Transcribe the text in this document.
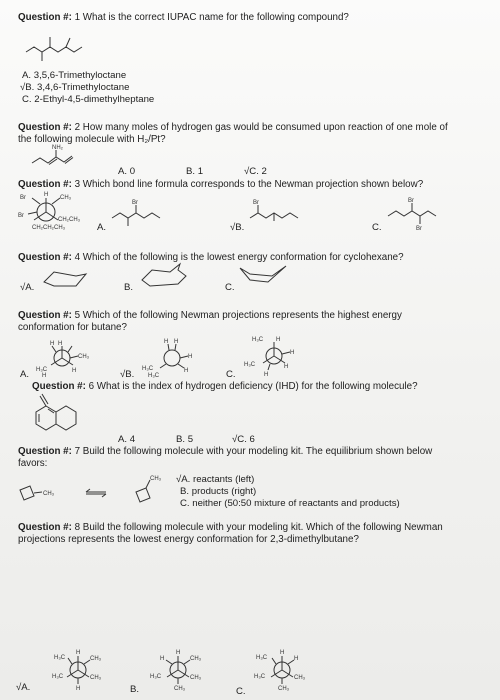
Question #: 1 What is the correct IUPAC name for the following compound?
A. 3,5,6-Trimethyloctane
√B. 3,4,6-Trimethyloctane
C. 2-Ethyl-4,5-dimethylheptane
Question #: 2 How many moles of hydrogen gas would be consumed upon reaction of one mole of
the following molecule with H₂/Pt?
NH₂
A. 0	B. 1	√C. 2
Question #: 3 Which bond line formula corresponds to the Newman projection shown below?
H
Br
Br
CH₃
CH₂CH₃
CH₂CH₂CH₃	A.
Br
√B.
Br
C.
Br
Br
Question #: 4 Which of the following is the lowest energy conformation for cyclohexane?
√A.	B.	C.
Question #: 5 Which of the following Newman projections represents the highest energy
conformation for butane?
H H
CH₃
H₃C	H
H
A.
H H
H
H₃C
H₃C
H
√B.
H₃C H
H
H₃C	H
H
C.
Question #: 6 What is the index of hydrogen deficiency (IHD) for the following molecule?
A. 4	B. 5	√C. 6
Question #: 7 Build the following molecule with your modeling kit. The equilibrium shown below
favors:
CH₃
CH₃ √A. reactants (left)
B. products (right)
C. neither (50:50 mixture of reactants and products)
Question #: 8 Build the following molecule with your modeling kit. Which of the following Newman
projections represents the lowest energy conformation for 2,3-dimethylbutane?
H
H₃C	CH₃
H₃C	CH₃
H
√A.
H
H	CH₃
H₃C	CH₃
CH₃
B.
H
H₃C	H
H₃C	CH₃
CH₃
C.
